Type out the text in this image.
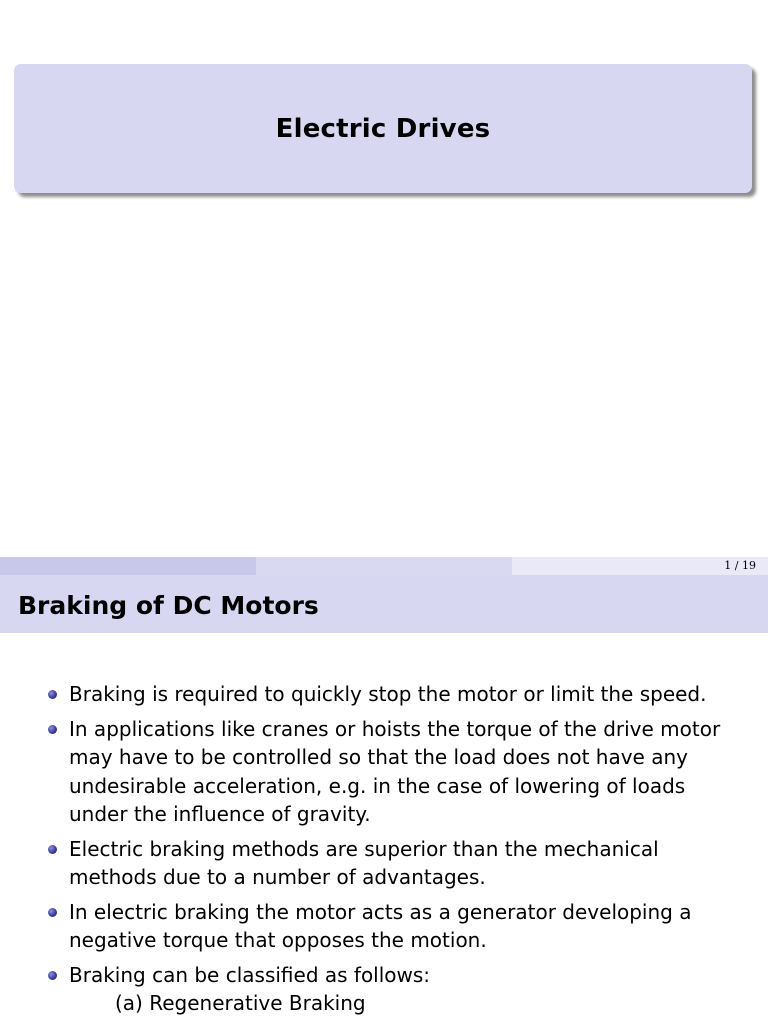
Electric Drives
1 / 19
Braking of DC Motors
Braking is required to quickly stop the motor or limit the speed.
In applications like cranes or hoists the torque of the drive motor may have to be controlled so that the load does not have any undesirable acceleration, e.g. in the case of lowering of loads under the influence of gravity.
Electric braking methods are superior than the mechanical methods due to a number of advantages.
In electric braking the motor acts as a generator developing a negative torque that opposes the motion.
Braking can be classified as follows:
(a) Regenerative Braking
